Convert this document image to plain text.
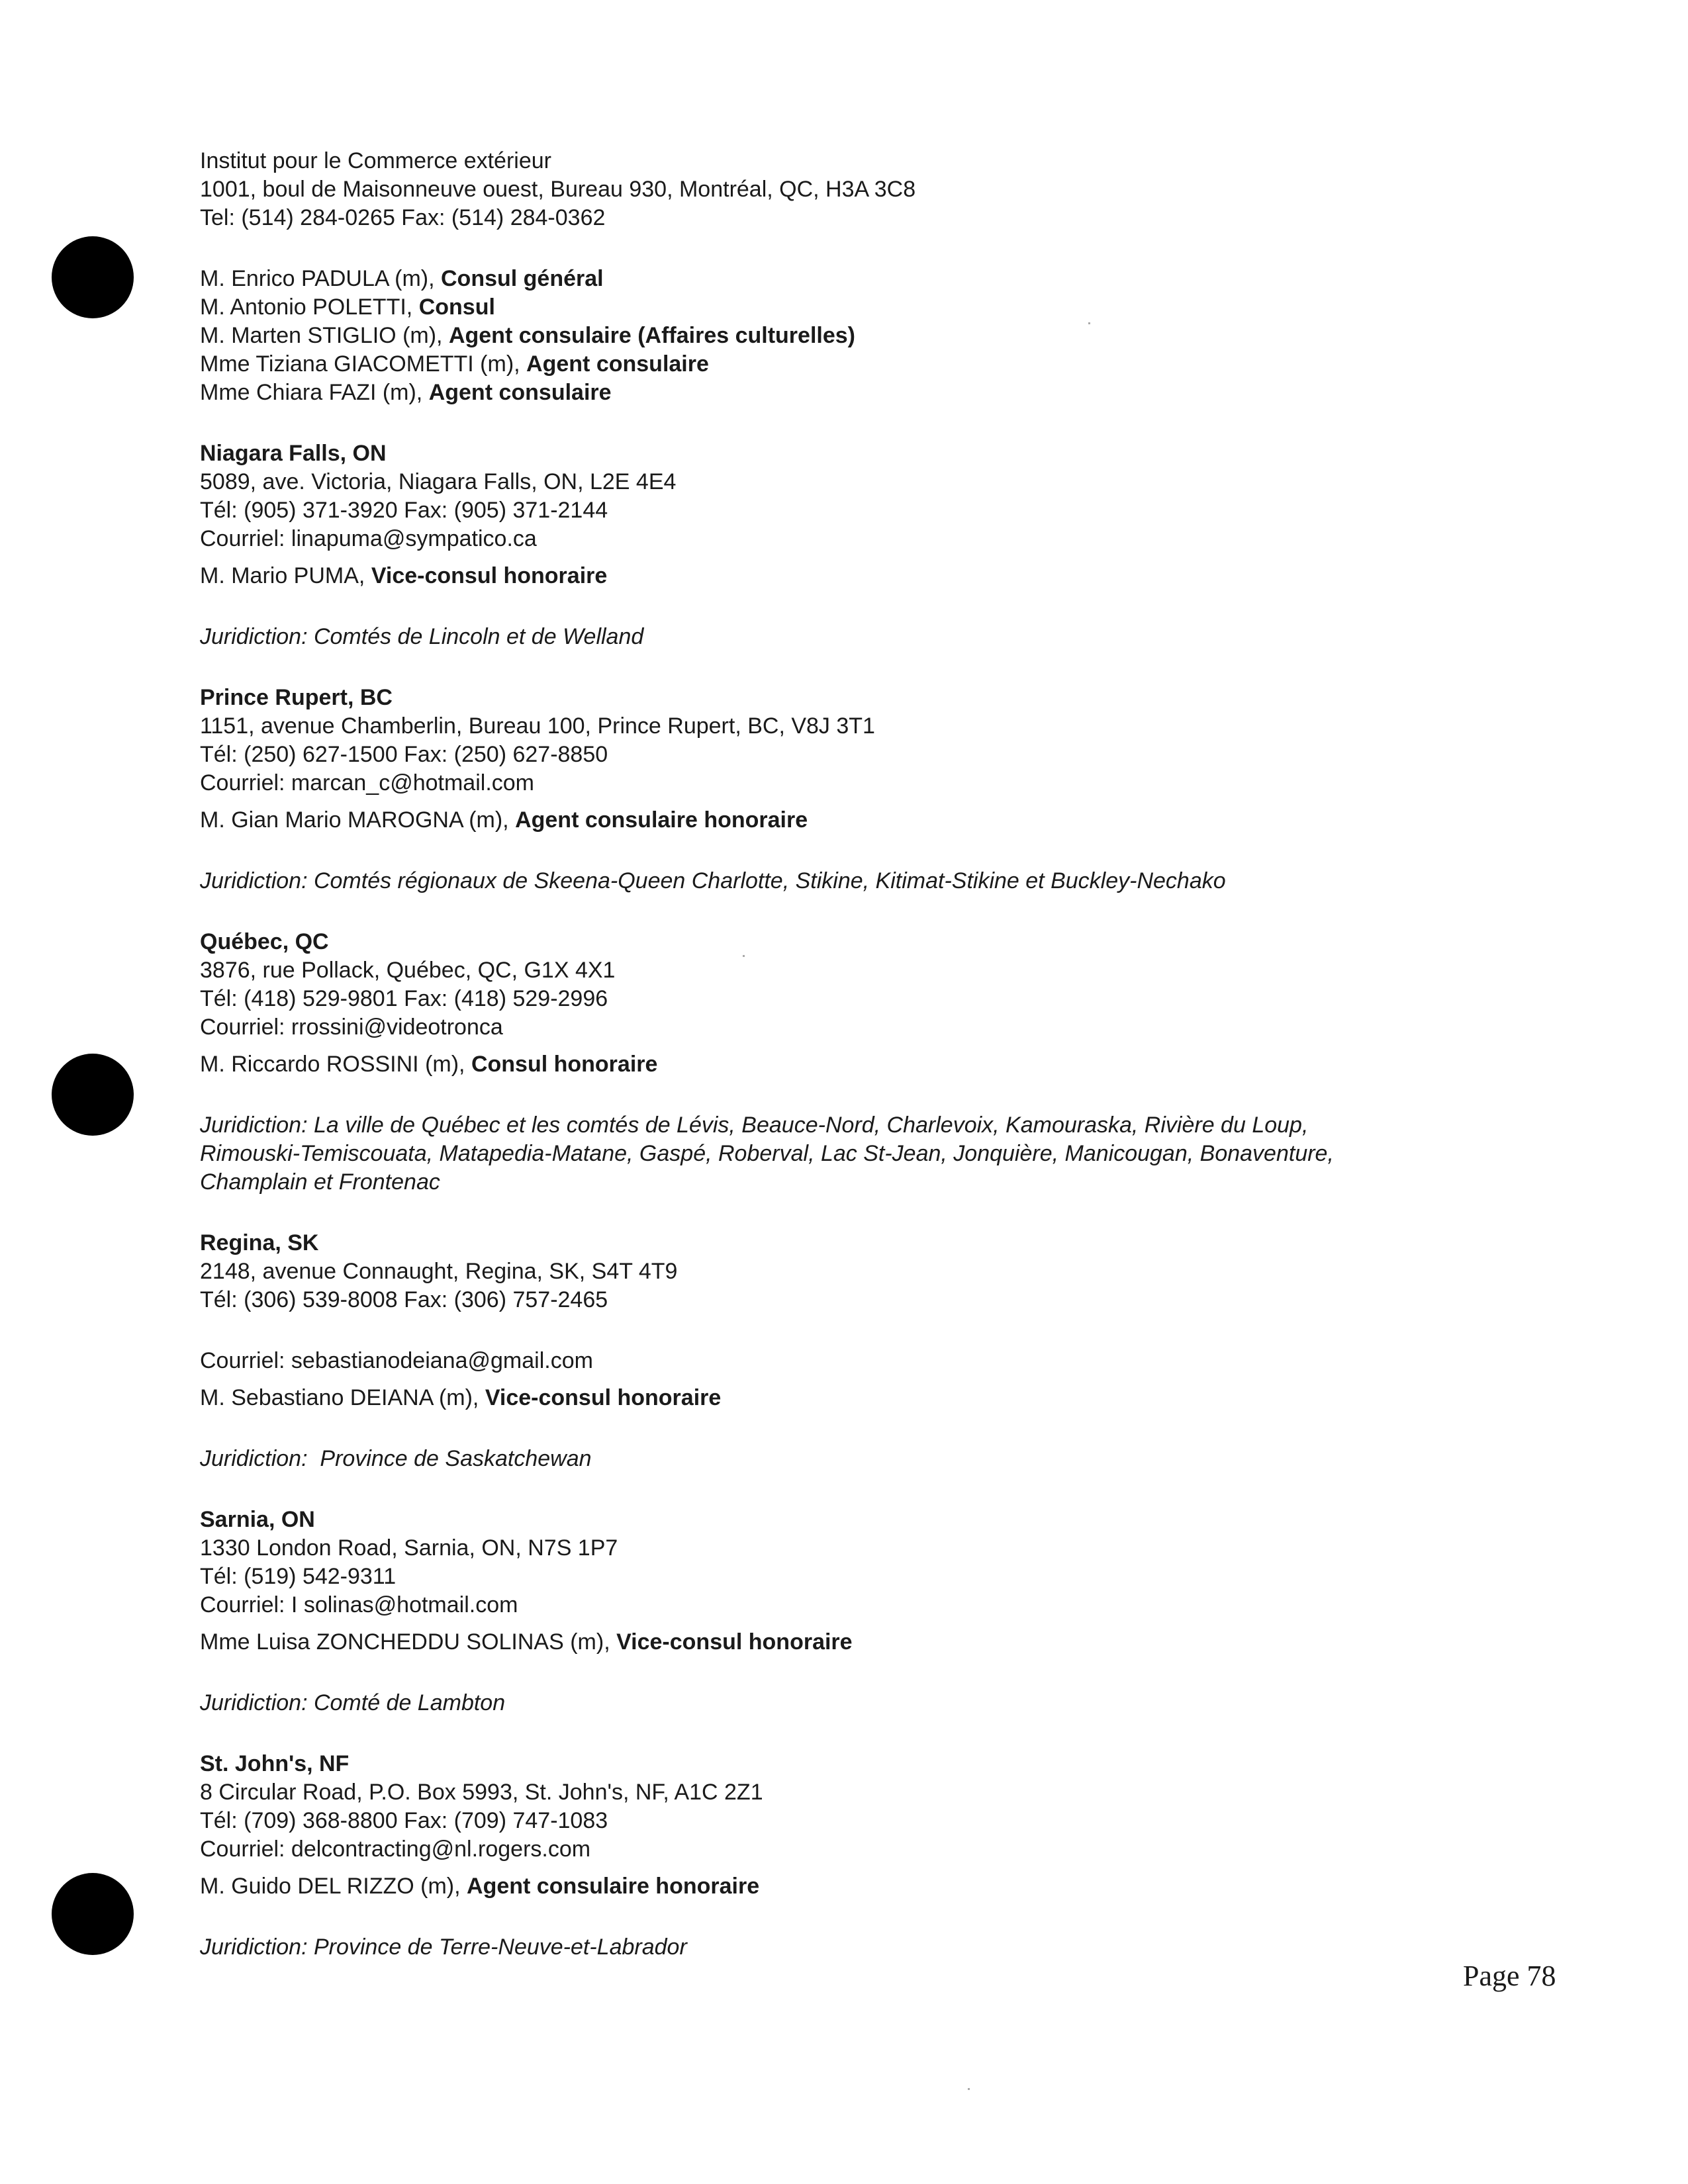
Institut pour le Commerce extérieur
1001, boul de Maisonneuve ouest, Bureau 930, Montréal, QC, H3A 3C8
Tel: (514) 284-0265 Fax: (514) 284-0362
M. Enrico PADULA (m), Consul général
M. Antonio POLETTI, Consul
M. Marten STIGLIO (m), Agent consulaire (Affaires culturelles)
Mme Tiziana GIACOMETTI (m), Agent consulaire
Mme Chiara FAZI (m), Agent consulaire
Niagara Falls, ON
5089, ave. Victoria, Niagara Falls, ON, L2E 4E4
Tél: (905) 371-3920 Fax: (905) 371-2144
Courriel: linapuma@sympatico.ca
M. Mario PUMA, Vice-consul honoraire
Juridiction: Comtés de Lincoln et de Welland
Prince Rupert, BC
1151, avenue Chamberlin, Bureau 100, Prince Rupert, BC, V8J 3T1
Tél: (250) 627-1500 Fax: (250) 627-8850
Courriel: marcan_c@hotmail.com
M. Gian Mario MAROGNA (m), Agent consulaire honoraire
Juridiction: Comtés régionaux de Skeena-Queen Charlotte, Stikine, Kitimat-Stikine et Buckley-Nechako
Québec, QC
3876, rue Pollack, Québec, QC, G1X 4X1
Tél: (418) 529-9801 Fax: (418) 529-2996
Courriel: rrossini@videotronca
M. Riccardo ROSSINI (m), Consul honoraire
Juridiction: La ville de Québec et les comtés de Lévis, Beauce-Nord, Charlevoix, Kamouraska, Rivière du Loup,
Rimouski-Temiscouata, Matapedia-Matane, Gaspé, Roberval, Lac St-Jean, Jonquière, Manicougan, Bonaventure,
Champlain et Frontenac
Regina, SK
2148, avenue Connaught, Regina, SK, S4T 4T9
Tél: (306) 539-8008 Fax: (306) 757-2465
Courriel: sebastianodeiana@gmail.com
M. Sebastiano DEIANA (m), Vice-consul honoraire
Juridiction:  Province de Saskatchewan
Sarnia, ON
1330 London Road, Sarnia, ON, N7S 1P7
Tél: (519) 542-9311
Courriel: I solinas@hotmail.com
Mme Luisa ZONCHEDDU SOLINAS (m), Vice-consul honoraire
Juridiction: Comté de Lambton
St. John's, NF
8 Circular Road, P.O. Box 5993, St. John's, NF, A1C 2Z1
Tél: (709) 368-8800 Fax: (709) 747-1083
Courriel: delcontracting@nl.rogers.com
M. Guido DEL RIZZO (m), Agent consulaire honoraire
Juridiction: Province de Terre-Neuve-et-Labrador
Page 78
